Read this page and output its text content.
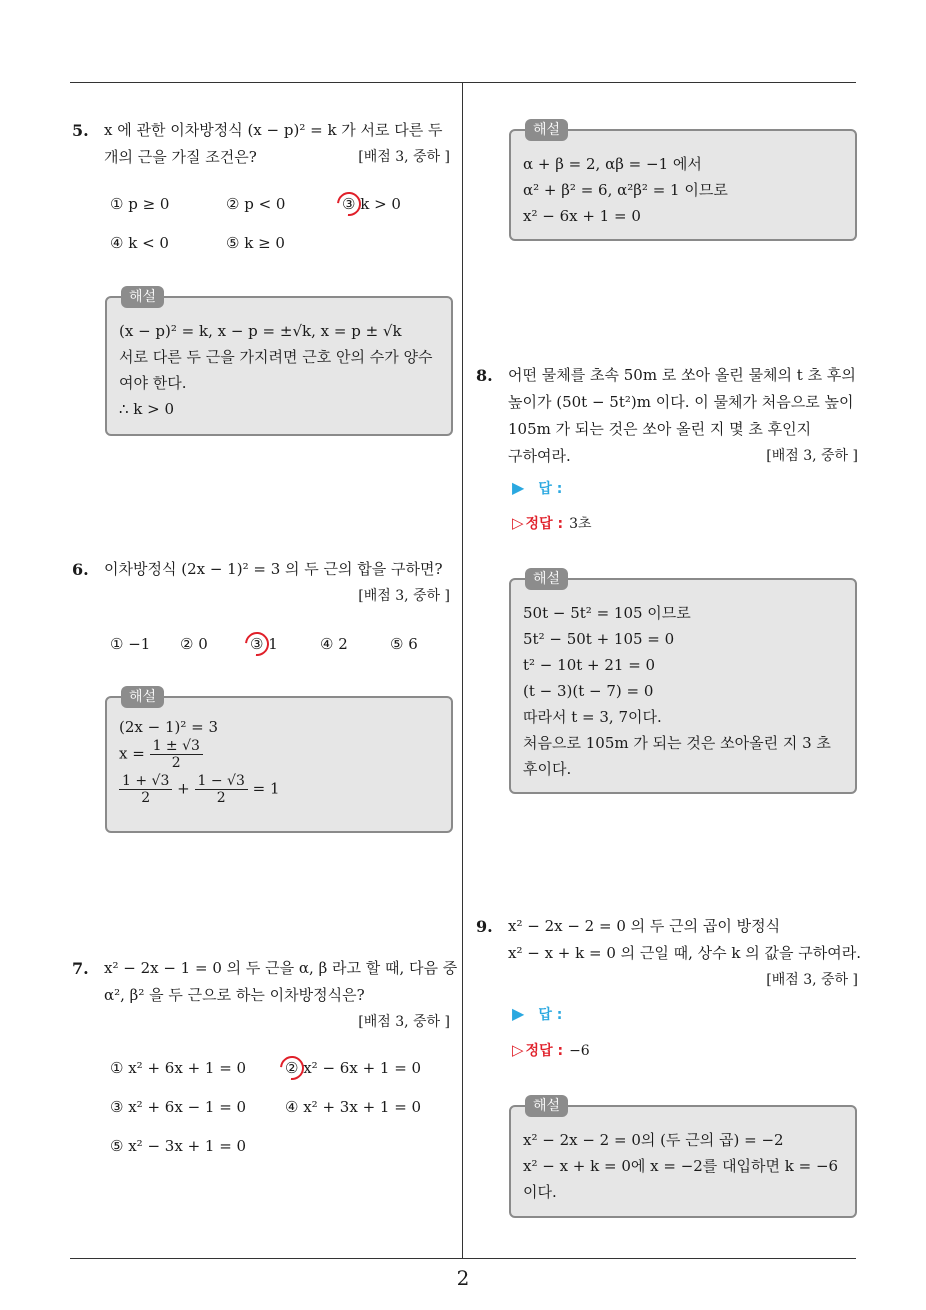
5. x 에 관한 이차방정식 (x − p)² = k 가 서로 다른 두
개의 근을 가질 조건은?	[배점 3, 중하 ]
① p ≥ 0	② p < 0	③ k > 0
④ k < 0	⑤ k ≥ 0
해설
(x − p)² = k, x − p = ±√k, x = p ± √k
서로 다른 두 근을 가지려면 근호 안의 수가 양수
여야 한다.
∴ k > 0
6. 이차방정식 (2x − 1)² = 3 의 두 근의 합을 구하면?
[배점 3, 중하 ]
① −1 ② 0	③ 1	④ 2	⑤ 6
해설
(2x − 1)² = 3
$x = \frac{1 \pm √3}{2}$
$\frac{1 + √3}{2} + \frac{1 - √3}{2} = 1$
7. x² − 2x − 1 = 0 의 두 근을 α, β 라고 할 때, 다음 중
α², β² 을 두 근으로 하는 이차방정식은?
[배점 3, 중하 ]
① x² + 6x + 1 = 0	② x² − 6x + 1 = 0
③ x² + 6x − 1 = 0	④ x² + 3x + 1 = 0
⑤ x² − 3x + 1 = 0
해설
α + β = 2, αβ = −1 에서
α² + β² = 6, α²β² = 1 이므로
x² − 6x + 1 = 0
8. 어떤 물체를 초속 50m 로 쏘아 올린 물체의 t 초 후의
높이가 (50t − 5t²)m 이다. 이 물체가 처음으로 높이
105m 가 되는 것은 쏘아 올린 지 몇 초 후인지
구하여라.	[배점 3, 중하 ]
▶ 답 :
▷ 정답 : 3초
해설
50t − 5t² = 105 이므로
5t² − 50t + 105 = 0
t² − 10t + 21 = 0
(t − 3)(t − 7) = 0
따라서 t = 3, 7이다.
처음으로 105m 가 되는 것은 쏘아올린 지 3 초
후이다.
9. x² − 2x − 2 = 0 의 두 근의 곱이 방정식
x² − x + k = 0 의 근일 때, 상수 k 의 값을 구하여라.
[배점 3, 중하 ]
▶ 답 :
▷ 정답 : −6
해설
x² − 2x − 2 = 0의 (두 근의 곱) = −2
x² − x + k = 0에 x = −2를 대입하면 k = −6
이다.
2
